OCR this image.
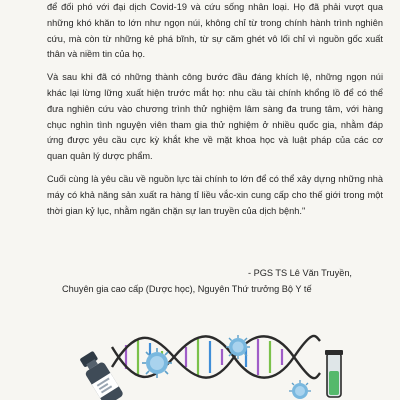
để đối phó với đại dịch Covid-19 và cứu sống nhân loại. Họ đã phải vượt qua những khó khăn to lớn như ngọn núi, không chỉ từ trong chính hành trình nghiên cứu, mà còn từ những kẻ phá bĩnh, từ sự căm ghét vô lối chỉ vì nguồn gốc xuất thân và niềm tin của họ.

Và sau khi đã có những thành công bước đầu đáng khích lệ, những ngọn núi khác lại lừng lững xuất hiện trước mắt họ: nhu cầu tài chính khổng lồ để có thể đưa nghiên cứu vào chương trình thử nghiệm lâm sàng đa trung tâm, với hàng chục nghìn tình nguyện viên tham gia thử nghiệm ở nhiều quốc gia, nhằm đáp ứng được yêu cầu cực kỳ khắt khe về mặt khoa học và luật pháp của các cơ quan quản lý dược phẩm.

Cuối cùng là yêu cầu về nguồn lực tài chính to lớn để có thể xây dựng những nhà máy có khả năng sản xuất ra hàng tỉ liều vắc-xin cung cấp cho thế giới trong một thời gian kỷ lục, nhằm ngăn chặn sự lan truyền của dịch bệnh."

- PGS TS Lê Văn Truyền,
Chuyên gia cao cấp (Dược học), Nguyên Thứ trưởng Bộ Y tế
